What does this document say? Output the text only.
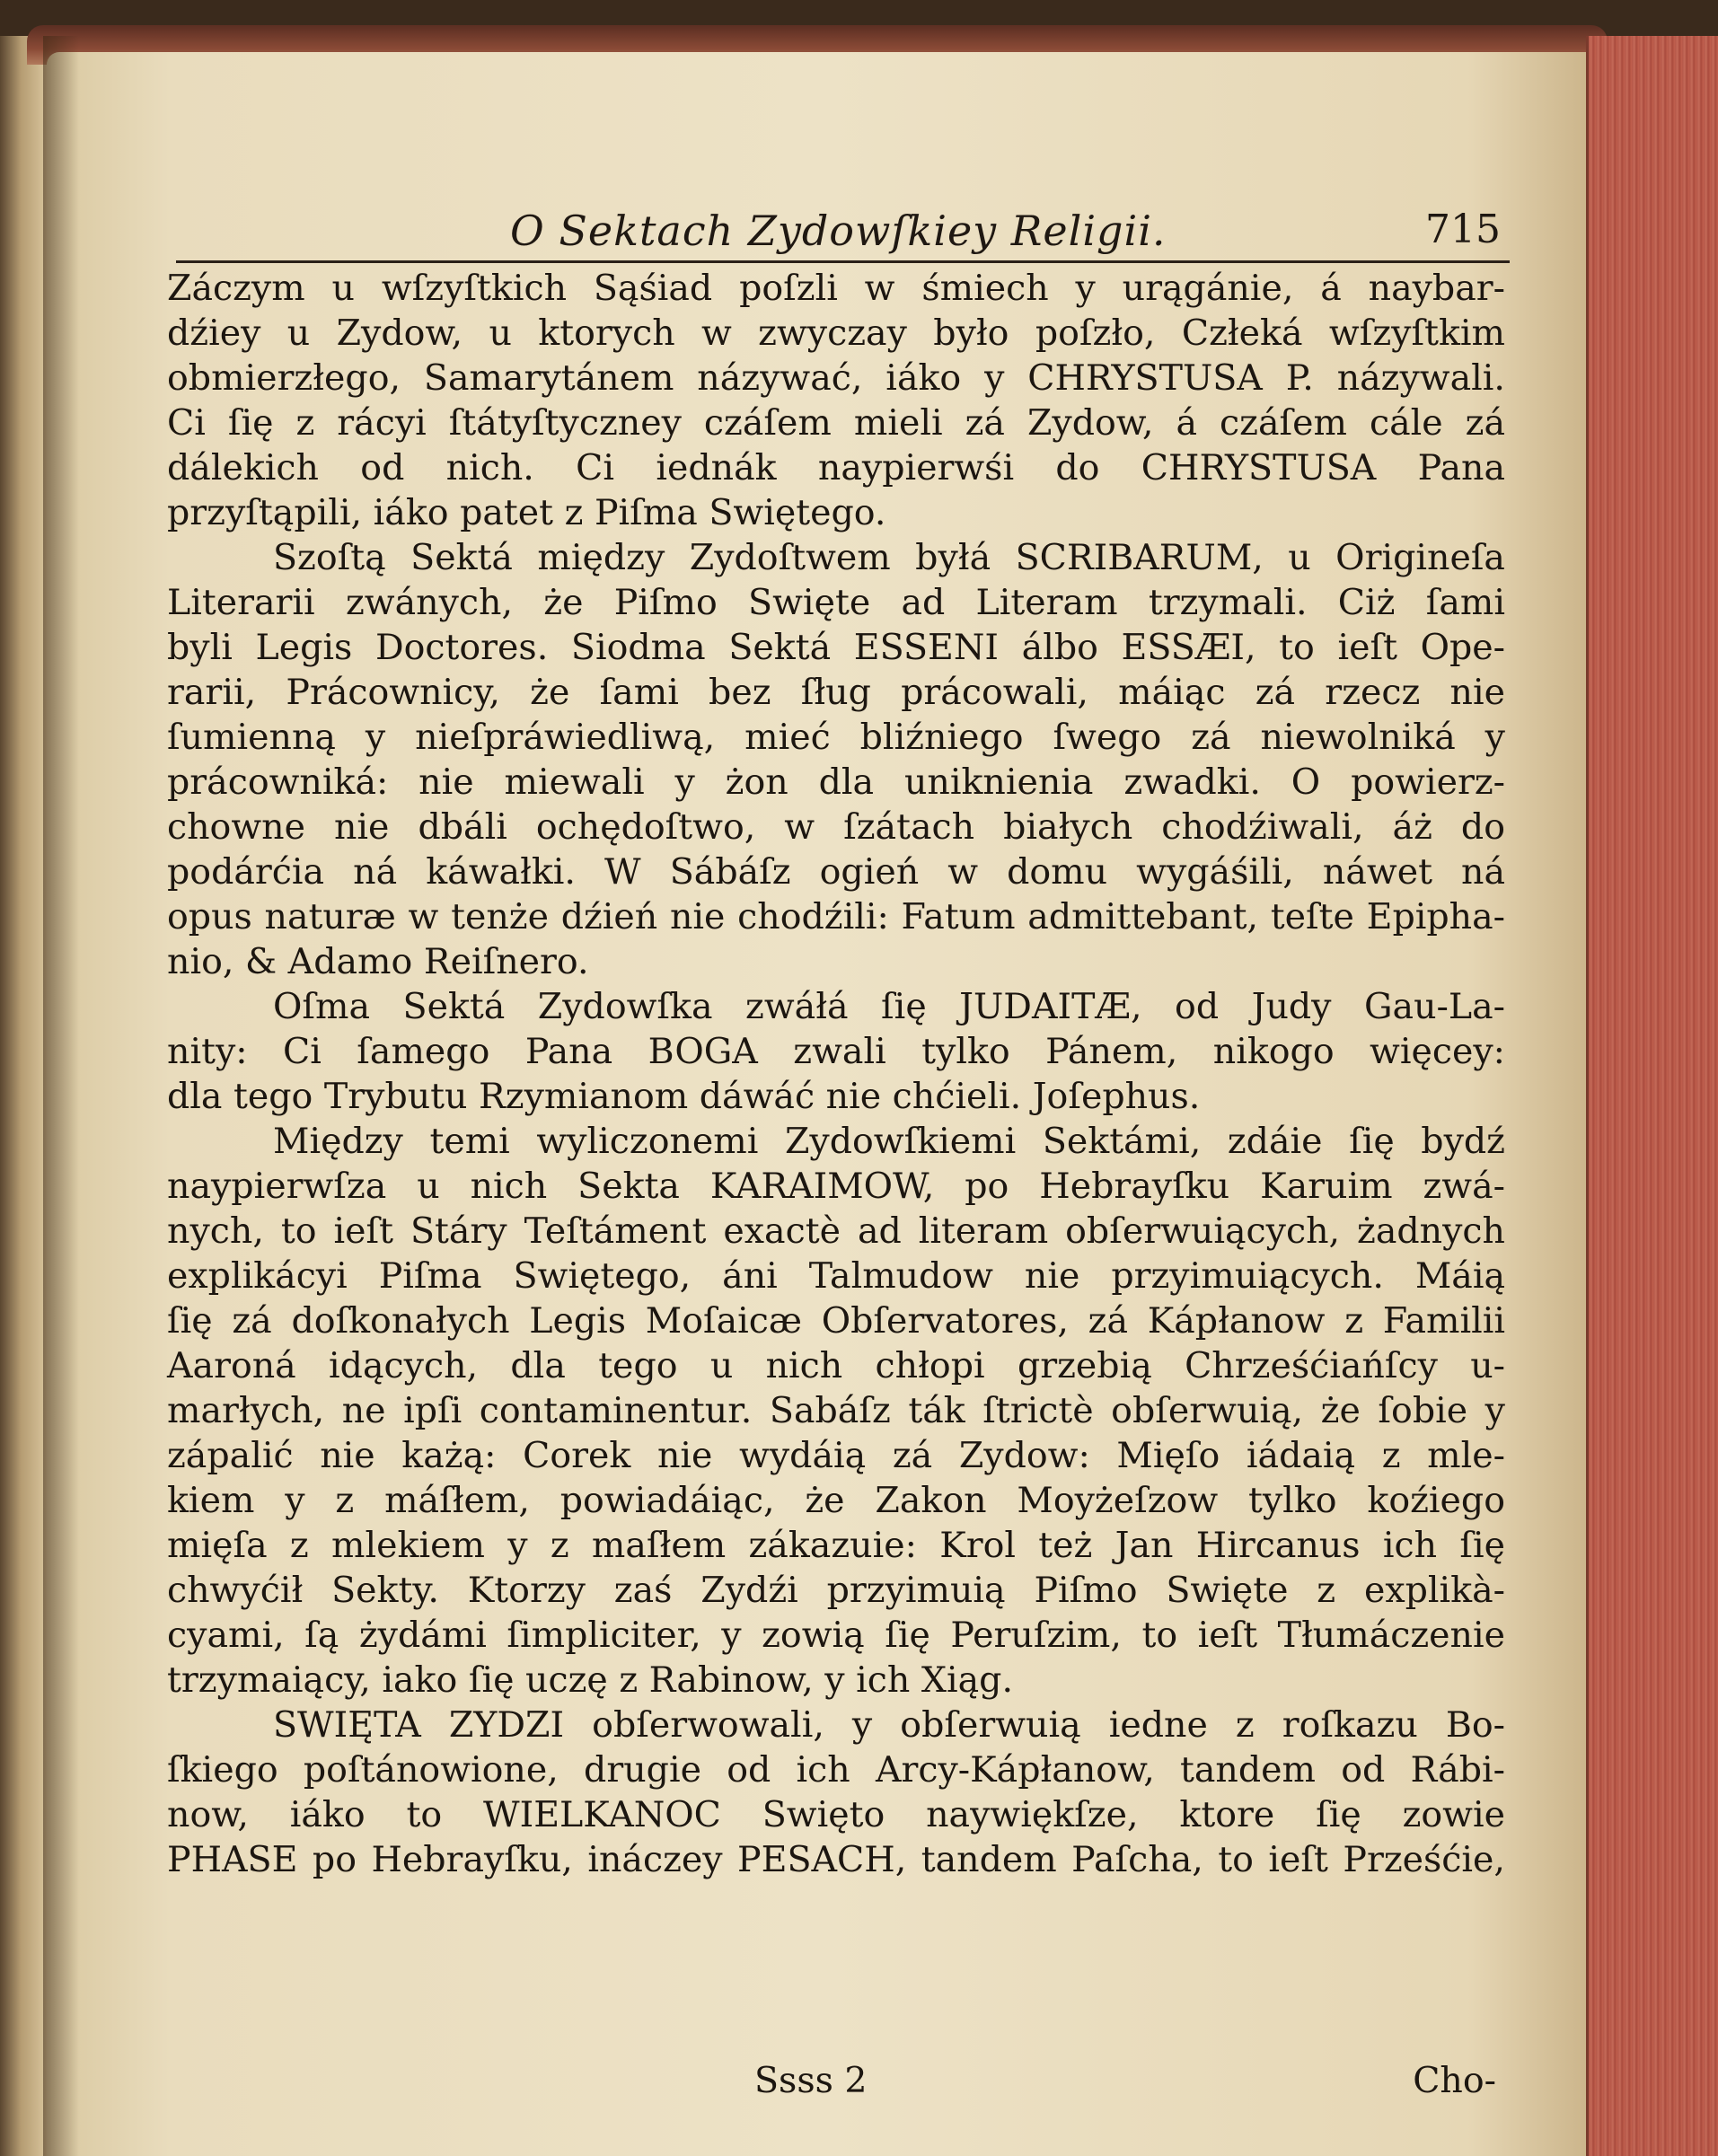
O Sektach Zydowſkiey Religii.	715
Záczym u wſzyſtkich Sąśiad poſzli w śmiech y urągánie, á naybar-
dźiey u Zydow, u ktorych w zwyczay było poſzło, Człeká wſzyſtkim
obmierzłego, Samarytánem názywać, iáko y CHRYSTUSA P. názywali.
Ci ſię z rácyi ſtátyſtyczney czáſem mieli zá Zydow, á czáſem cále zá
dálekich od nich. Ci iednák naypierwśi do CHRYSTUSA Pana
przyſtąpili, iáko patet z Piſma Swiętego.
Szoſtą Sektá między Zydoſtwem byłá SCRIBARUM, u Origineſa
Literarii zwánych, że Piſmo Swięte ad Literam trzymali. Ciż ſami
byli Legis Doctores. Siodma Sektá ESSENI álbo ESSÆI, to ieſt Ope-
rarii, Prácownicy, że ſami bez ſług prácowali, máiąc zá rzecz nie
ſumienną y nieſpráwiedliwą, mieć bliźniego ſwego zá niewolniká y
prácowniká: nie miewali y żon dla uniknienia zwadki. O powierz-
chowne nie dbáli ochędoſtwo, w ſzátach białych chodźiwali, áż do
podárćia ná káwałki. W Sábáſz ogień w domu wygáśili, náwet ná
opus naturæ w tenże dźień nie chodźili: Fatum admittebant, teſte Epipha-
nio, & Adamo Reiſnero.
Oſma Sektá Zydowſka zwáłá ſię JUDAITÆ, od Judy Gau-La-
nity: Ci ſamego Pana BOGA zwali tylko Pánem, nikogo więcey:
dla tego Trybutu Rzymianom dáwáć nie chćieli. Joſephus.
Między temi wyliczonemi Zydowſkiemi Sektámi, zdáie ſię bydź
naypierwſza u nich Sekta KARAIMOW, po Hebrayſku Karuim zwá-
nych, to ieſt Stáry Teſtáment exactè ad literam obſerwuiących, żadnych
explikácyi Piſma Swiętego, áni Talmudow nie przyimuiących. Máią
ſię zá doſkonałych Legis Moſaicæ Obſervatores, zá Kápłanow z Familii
Aaroná idących, dla tego u nich chłopi grzebią Chrześćiańſcy u-
marłych, ne ipſi contaminentur. Sabáſz ták ſtrictè obſerwuią, że ſobie y
zápalić nie każą: Corek nie wydáią zá Zydow: Mięſo iádaią z mle-
kiem y z máſłem, powiadáiąc, że Zakon Moyżeſzow tylko koźiego
mięſa z mlekiem y z maſłem zákazuie: Krol też Jan Hircanus ich ſię
chwyćił Sekty. Ktorzy zaś Zydźi przyimuią Piſmo Swięte z explikà-
cyami, ſą żydámi ſimpliciter, y zowią ſię Peruſzim, to ieſt Tłumáczenie
trzymaiący, iako ſię uczę z Rabinow, y ich Xiąg.
SWIĘTA ZYDZI obſerwowali, y obſerwuią iedne z roſkazu Bo-
ſkiego poſtánowione, drugie od ich Arcy-Kápłanow, tandem od Rábi-
now, iáko to WIELKANOC Swięto naywiękſze, ktore ſię zowie
PHASE po Hebrayſku, ináczey PESACH, tandem Paſcha, to ieſt Prześćie,
Ssss 2	Cho-
